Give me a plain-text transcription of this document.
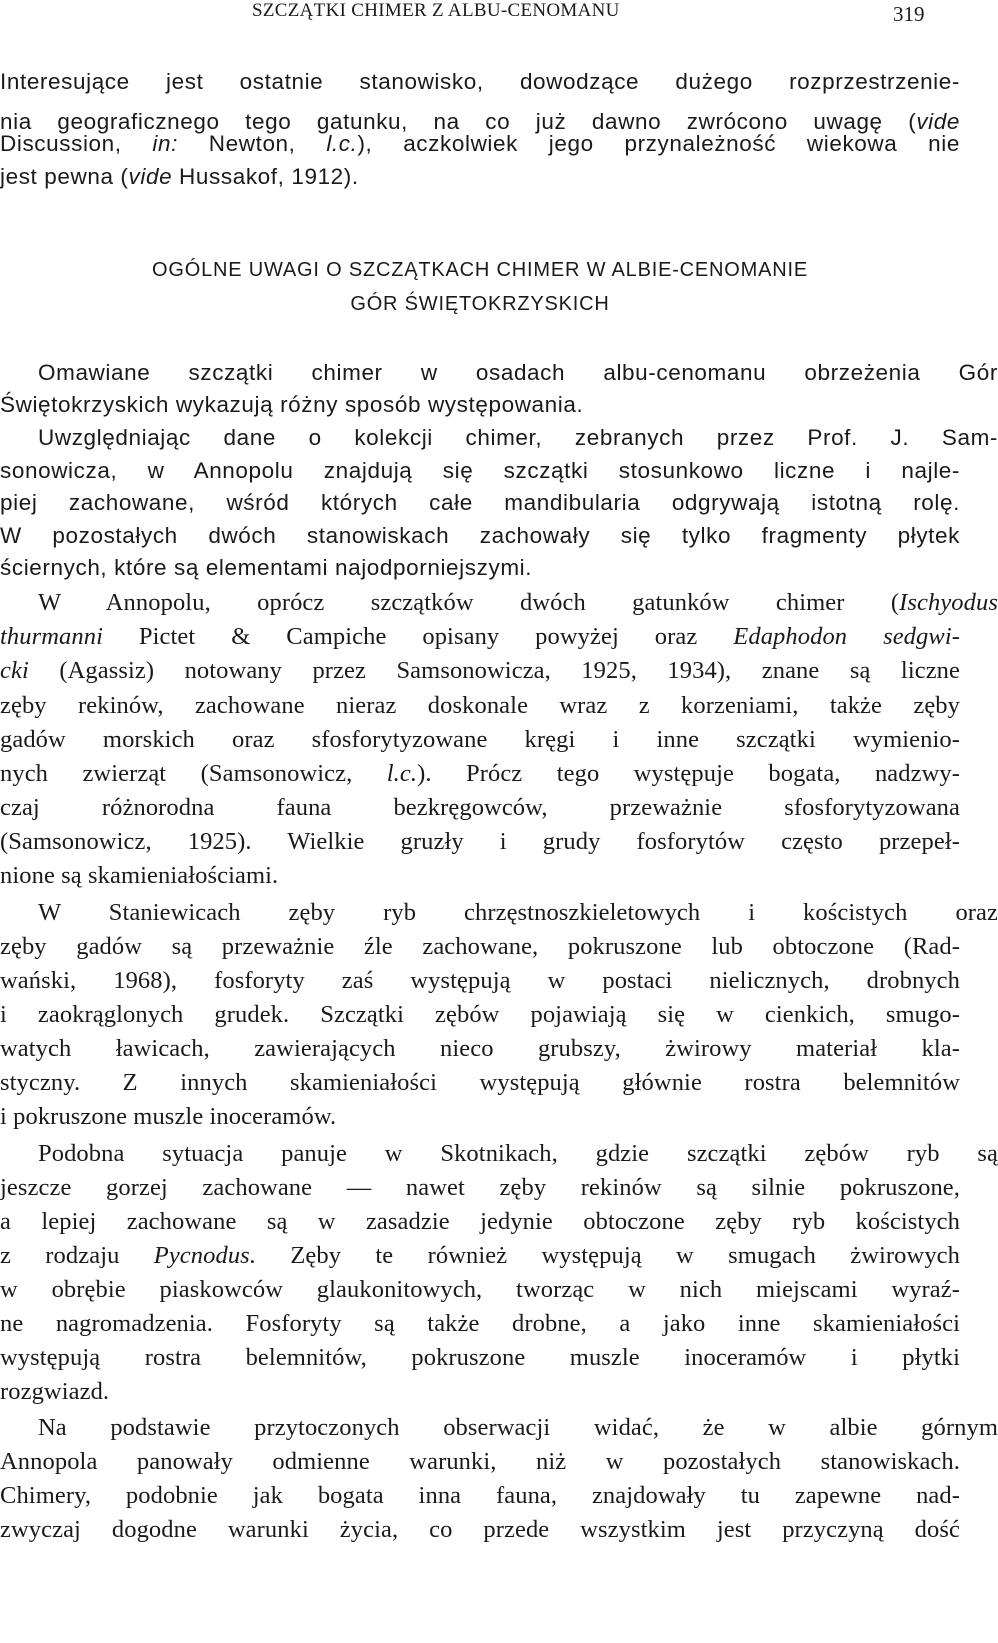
SZCZĄTKI CHIMER Z ALBU-CENOMANU	319
Interesujące jest ostatnie stanowisko, dowodzące dużego rozprzestrzenie-
nia geograficznego tego gatunku, na co już dawno zwrócono uwagę (vide
Discussion, in: Newton, l.c.), aczkolwiek jego przynależność wiekowa nie
jest pewna (vide Hussakof, 1912).
OGÓLNE UWAGI O SZCZĄTKACH CHIMER W ALBIE-CENOMANIE
GÓR ŚWIĘTOKRZYSKICH
Omawiane szczątki chimer w osadach albu-cenomanu obrzeżenia Gór
Świętokrzyskich wykazują różny sposób występowania.
Uwzględniając dane o kolekcji chimer, zebranych przez Prof. J. Sam-
sonowicza, w Annopolu znajdują się szczątki stosunkowo liczne i najle-
piej zachowane, wśród których całe mandibularia odgrywają istotną rolę.
W pozostałych dwóch stanowiskach zachowały się tylko fragmenty płytek
ściernych, które są elementami najodporniejszymi.
W Annopolu, oprócz szczątków dwóch gatunków chimer (Ischyodus
thurmanni Pictet & Campiche opisany powyżej oraz Edaphodon sedgwi-
cki (Agassiz) notowany przez Samsonowicza, 1925, 1934), znane są liczne
zęby rekinów, zachowane nieraz doskonale wraz z korzeniami, także zęby
gadów morskich oraz sfosforytyzowane kręgi i inne szczątki wymienio-
nych zwierząt (Samsonowicz, l.c.). Prócz tego występuje bogata, nadzwy-
czaj różnorodna fauna bezkręgowców, przeważnie sfosforytyzowana
(Samsonowicz, 1925). Wielkie gruzły i grudy fosforytów często przepeł-
nione są skamieniałościami.
W Staniewicach zęby ryb chrzęstnoszkieletowych i kościstych oraz
zęby gadów są przeważnie źle zachowane, pokruszone lub obtoczone (Rad-
wański, 1968), fosforyty zaś występują w postaci nielicznych, drobnych
i zaokrąglonych grudek. Szczątki zębów pojawiają się w cienkich, smugo-
watych ławicach, zawierających nieco grubszy, żwirowy materiał kla-
styczny. Z innych skamieniałości występują głównie rostra belemnitów
i pokruszone muszle inoceramów.
Podobna sytuacja panuje w Skotnikach, gdzie szczątki zębów ryb są
jeszcze gorzej zachowane — nawet zęby rekinów są silnie pokruszone,
a lepiej zachowane są w zasadzie jedynie obtoczone zęby ryb kościstych
z rodzaju Pycnodus. Zęby te również występują w smugach żwirowych
w obrębie piaskowców glaukonitowych, tworząc w nich miejscami wyraź-
ne nagromadzenia. Fosforyty są także drobne, a jako inne skamieniałości
występują rostra belemnitów, pokruszone muszle inoceramów i płytki
rozgwiazd.
Na podstawie przytoczonych obserwacji widać, że w albie górnym
Annopola panowały odmienne warunki, niż w pozostałych stanowiskach.
Chimery, podobnie jak bogata inna fauna, znajdowały tu zapewne nad-
zwyczaj dogodne warunki życia, co przede wszystkim jest przyczyną dość
